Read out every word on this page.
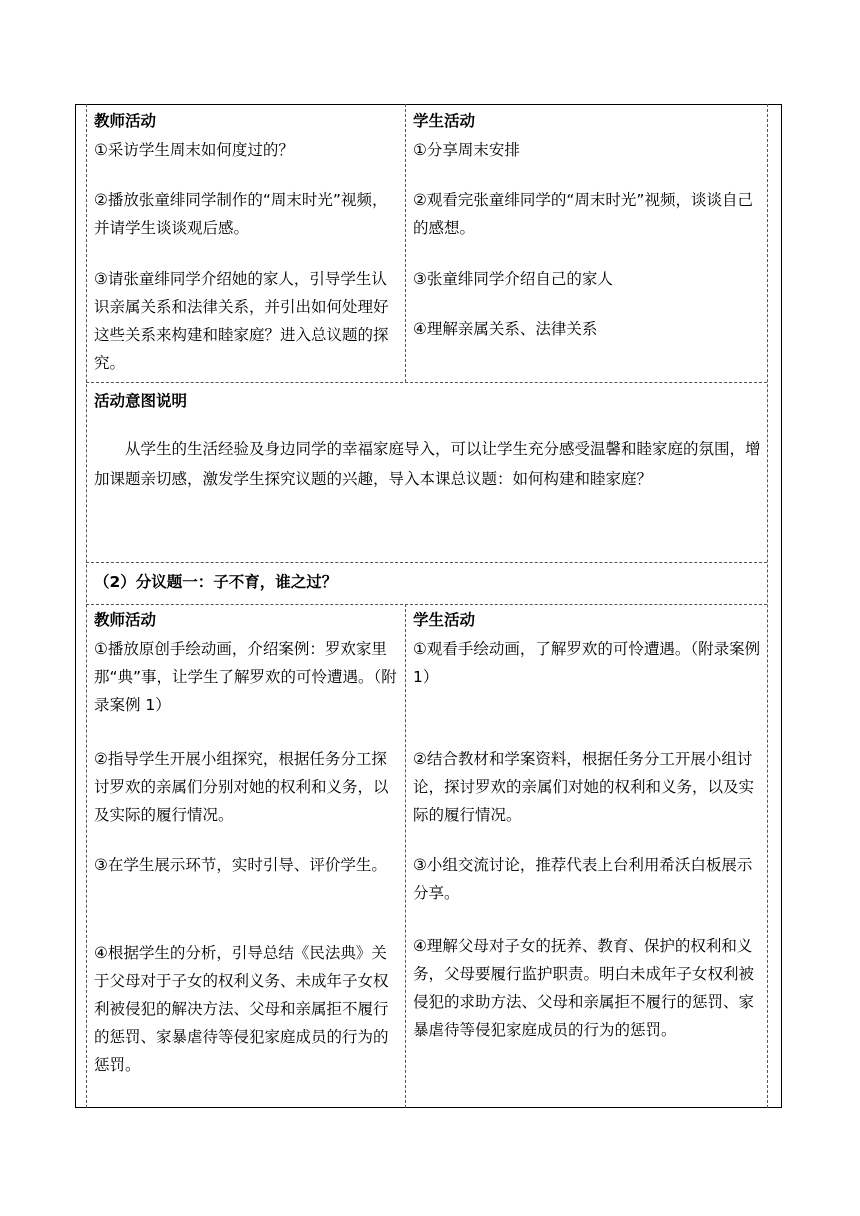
教师活动
①采访学生周末如何度过的？
②播放张童绯同学制作的“周末时光”视频，并请学生谈谈观后感。
③请张童绯同学介绍她的家人，引导学生认识亲属关系和法律关系，并引出如何处理好这些关系来构建和睦家庭？进入总议题的探究。
学生活动
①分享周末安排
②观看完张童绯同学的“周末时光”视频，谈谈自己的感想。
③张童绯同学介绍自己的家人
④理解亲属关系、法律关系
活动意图说明
从学生的生活经验及身边同学的幸福家庭导入，可以让学生充分感受温馨和睦家庭的氛围，增加课题亲切感，激发学生探究议题的兴趣，导入本课总议题：如何构建和睦家庭？
（2）分议题一：子不育，谁之过？
教师活动
①播放原创手绘动画，介绍案例：罗欢家里那“典”事，让学生了解罗欢的可怜遭遇。（附录案例 1）
②指导学生开展小组探究，根据任务分工探讨罗欢的亲属们分别对她的权利和义务，以及实际的履行情况。
③在学生展示环节，实时引导、评价学生。
④根据学生的分析，引导总结《民法典》关于父母对于子女的权利义务、未成年子女权利被侵犯的解决方法、父母和亲属拒不履行的惩罚、家暴虐待等侵犯家庭成员的行为的惩罚。
学生活动
①观看手绘动画，了解罗欢的可怜遭遇。（附录案例 1）
②结合教材和学案资料，根据任务分工开展小组讨论，探讨罗欢的亲属们对她的权利和义务，以及实际的履行情况。
③小组交流讨论，推荐代表上台利用希沃白板展示分享。
④理解父母对子女的抚养、教育、保护的权利和义务，父母要履行监护职责。明白未成年子女权利被侵犯的求助方法、父母和亲属拒不履行的惩罚、家暴虐待等侵犯家庭成员的行为的惩罚。
